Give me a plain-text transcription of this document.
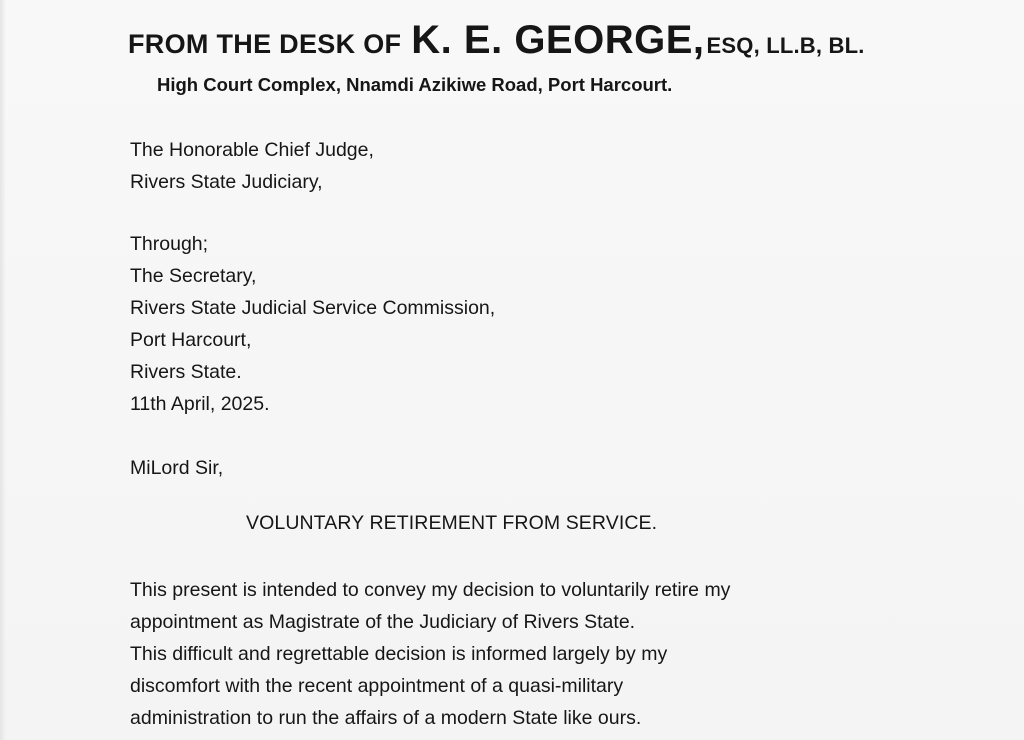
FROM THE DESK OF K. E. GEORGE, ESQ, LL.B, BL.
High Court Complex, Nnamdi Azikiwe Road, Port Harcourt.
The Honorable Chief Judge,
Rivers State Judiciary,
Through;
The Secretary,
Rivers State Judicial Service Commission,
Port Harcourt,
Rivers State.
11th April, 2025.
MiLord Sir,
VOLUNTARY RETIREMENT FROM SERVICE.
This present is intended to convey my decision to voluntarily retire my
appointment as Magistrate of the Judiciary of Rivers State.
This difficult and regrettable decision is informed largely by my
discomfort with the recent appointment of a quasi-military
administration to run the affairs of a modern State like ours.
